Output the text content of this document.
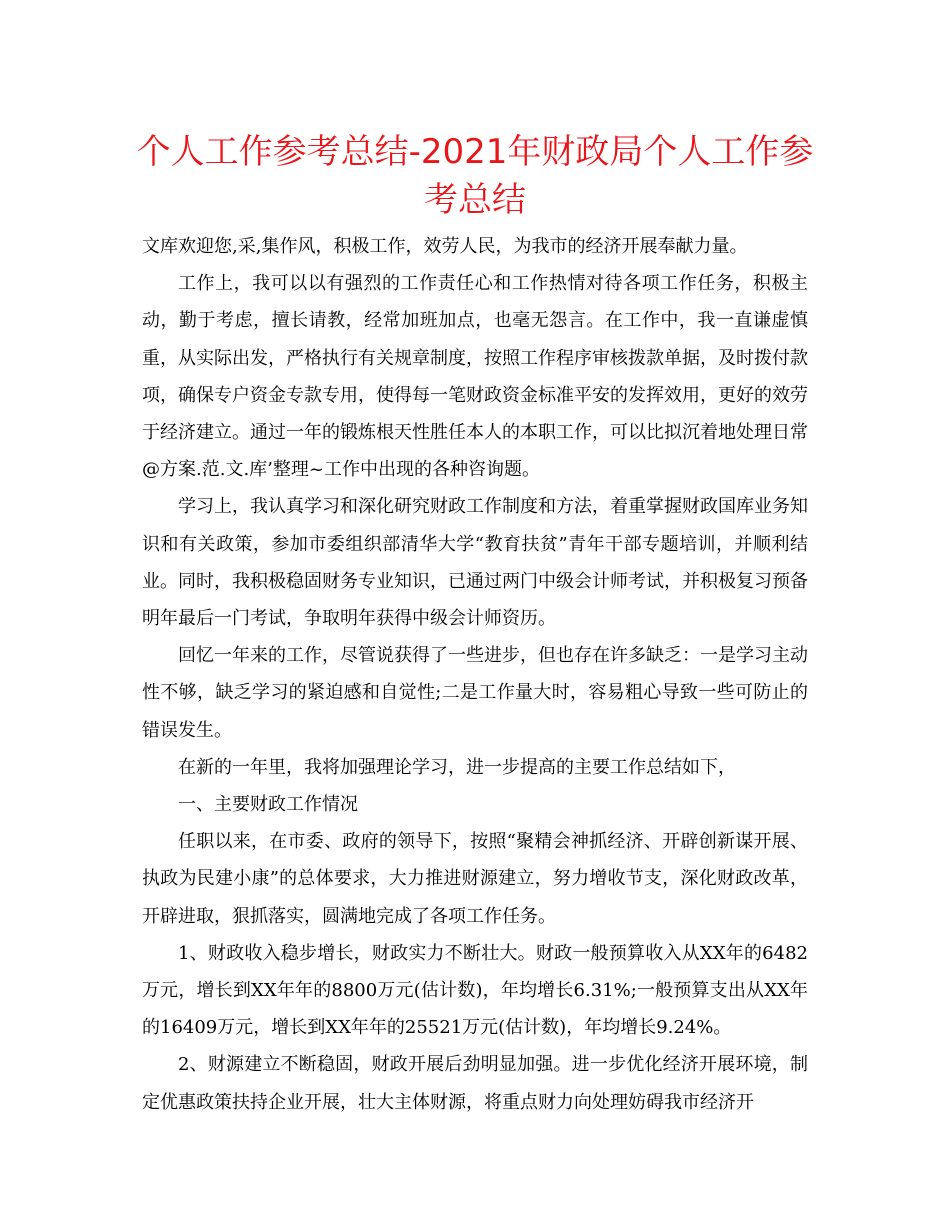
个人工作参考总结-2021年财政局个人工作参考总结

文库欢迎您,采,集作风，积极工作，效劳人民，为我市的经济开展奉献力量。

工作上，我可以以有强烈的工作责任心和工作热情对待各项工作任务，积极主动，勤于考虑，擅长请教，经常加班加点，也毫无怨言。在工作中，我一直谦虚慎重，从实际出发，严格执行有关规章制度，按照工作程序审核拨款单据，及时拨付款项，确保专户资金专款专用，使得每一笔财政资金标准平安的发挥效用，更好的效劳于经济建立。通过一年的锻炼根天性胜任本人的本职工作，可以比拟沉着地处理日常@方案.范.文.库’整理~工作中出现的各种咨询题。

学习上，我认真学习和深化研究财政工作制度和方法，着重掌握财政国库业务知识和有关政策，参加市委组织部清华大学“教育扶贫”青年干部专题培训，并顺利结业。同时，我积极稳固财务专业知识，已通过两门中级会计师考试，并积极复习预备明年最后一门考试，争取明年获得中级会计师资历。

回忆一年来的工作，尽管说获得了一些进步，但也存在许多缺乏：一是学习主动性不够，缺乏学习的紧迫感和自觉性;二是工作量大时，容易粗心导致一些可防止的错误发生。

在新的一年里，我将加强理论学习，进一步提高的主要工作总结如下，

一、主要财政工作情况

任职以来，在市委、政府的领导下，按照“聚精会神抓经济、开辟创新谋开展、执政为民建小康”的总体要求，大力推进财源建立，努力增收节支，深化财政改革，开辟进取，狠抓落实，圆满地完成了各项工作任务。

1、财政收入稳步增长，财政实力不断壮大。财政一般预算收入从XX年的6482万元，增长到XX年年的8800万元(估计数)，年均增长6.31%;一般预算支出从XX年的16409万元，增长到XX年年的25521万元(估计数)，年均增长9.24%。

2、财源建立不断稳固，财政开展后劲明显加强。进一步优化经济开展环境，制定优惠政策扶持企业开展，壮大主体财源，将重点财力向处理妨碍我市经济开
